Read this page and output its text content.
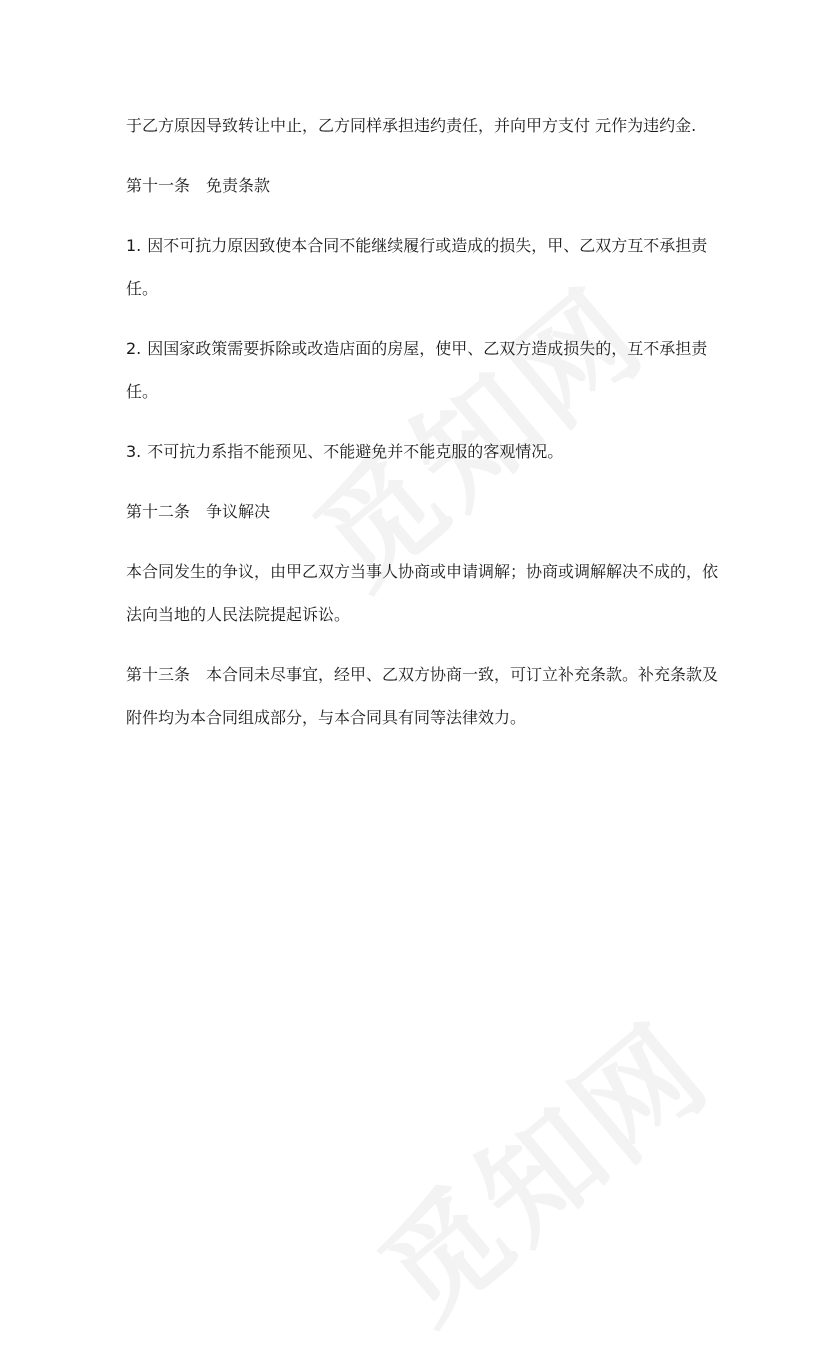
于乙方原因导致转让中止，乙方同样承担违约责任，并向甲方支付 元作为违约金.

第十一条 免责条款

1. 因不可抗力原因致使本合同不能继续履行或造成的损失，甲、乙双方互不承担责任。

2. 因国家政策需要拆除或改造店面的房屋，使甲、乙双方造成损失的，互不承担责任。

3. 不可抗力系指不能预见、不能避免并不能克服的客观情况。

第十二条 争议解决

本合同发生的争议，由甲乙双方当事人协商或申请调解；协商或调解解决不成的，依法向当地的人民法院提起诉讼。

第十三条 本合同未尽事宜，经甲、乙双方协商一致，可订立补充条款。补充条款及附件均为本合同组成部分，与本合同具有同等法律效力。
